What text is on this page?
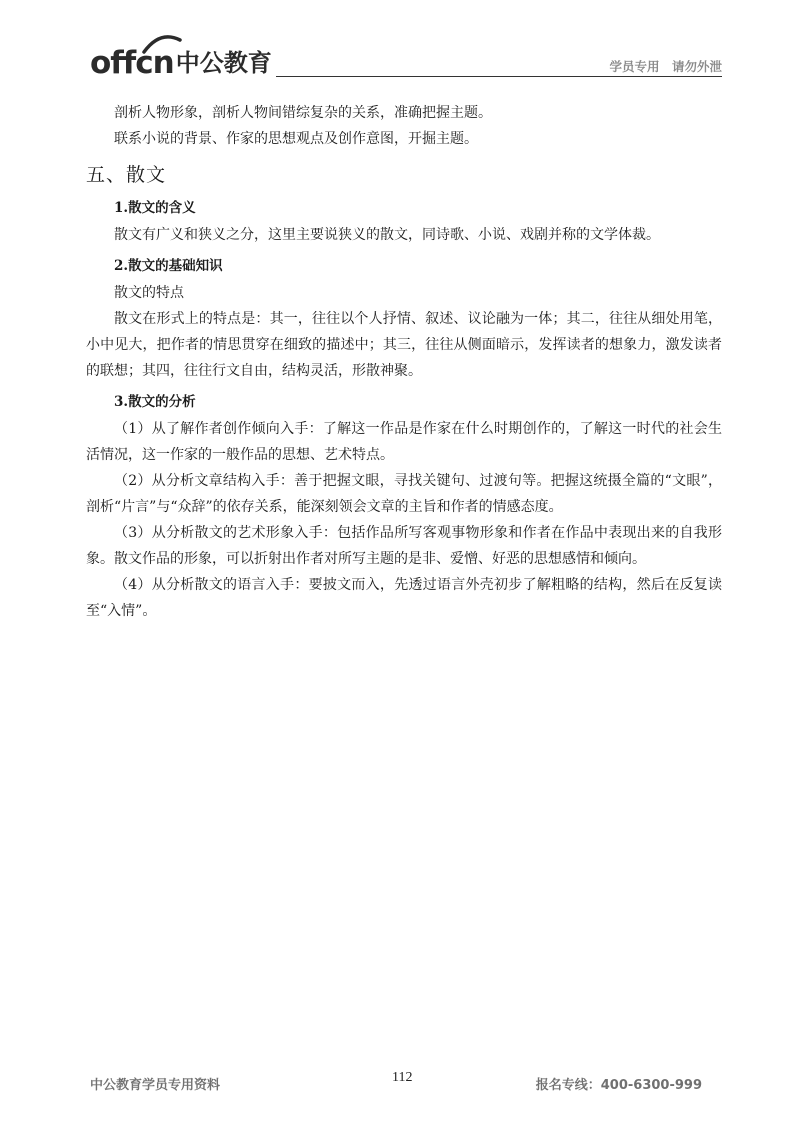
offcn 中公教育	学员专用　请勿外泄

剖析人物形象，剖析人物间错综复杂的关系，准确把握主题。

联系小说的背景、作家的思想观点及创作意图，开掘主题。

五、散文
1.散文的含义

散文有广义和狭义之分，这里主要说狭义的散文，同诗歌、小说、戏剧并称的文学体裁。

2.散文的基础知识

散文的特点

散文在形式上的特点是：其一，往往以个人抒情、叙述、议论融为一体；其二，往往从细处用笔，小中见大，把作者的情思贯穿在细致的描述中；其三，往往从侧面暗示，发挥读者的想象力，激发读者的联想；其四，往往行文自由，结构灵活，形散神聚。

3.散文的分析

（1）从了解作者创作倾向入手：了解这一作品是作家在什么时期创作的，了解这一时代的社会生活情况，这一作家的一般作品的思想、艺术特点。

（2）从分析文章结构入手：善于把握文眼，寻找关键句、过渡句等。把握这统摄全篇的“文眼”，剖析“片言”与“众辞”的依存关系，能深刻领会文章的主旨和作者的情感态度。

（3）从分析散文的艺术形象入手：包括作品所写客观事物形象和作者在作品中表现出来的自我形象。散文作品的形象，可以折射出作者对所写主题的是非、爱憎、好恶的思想感情和倾向。

（4）从分析散文的语言入手：要披文而入，先透过语言外壳初步了解粗略的结构，然后在反复读至“入情”。

中公教育学员专用资料
112
报名专线：400-6300-999
